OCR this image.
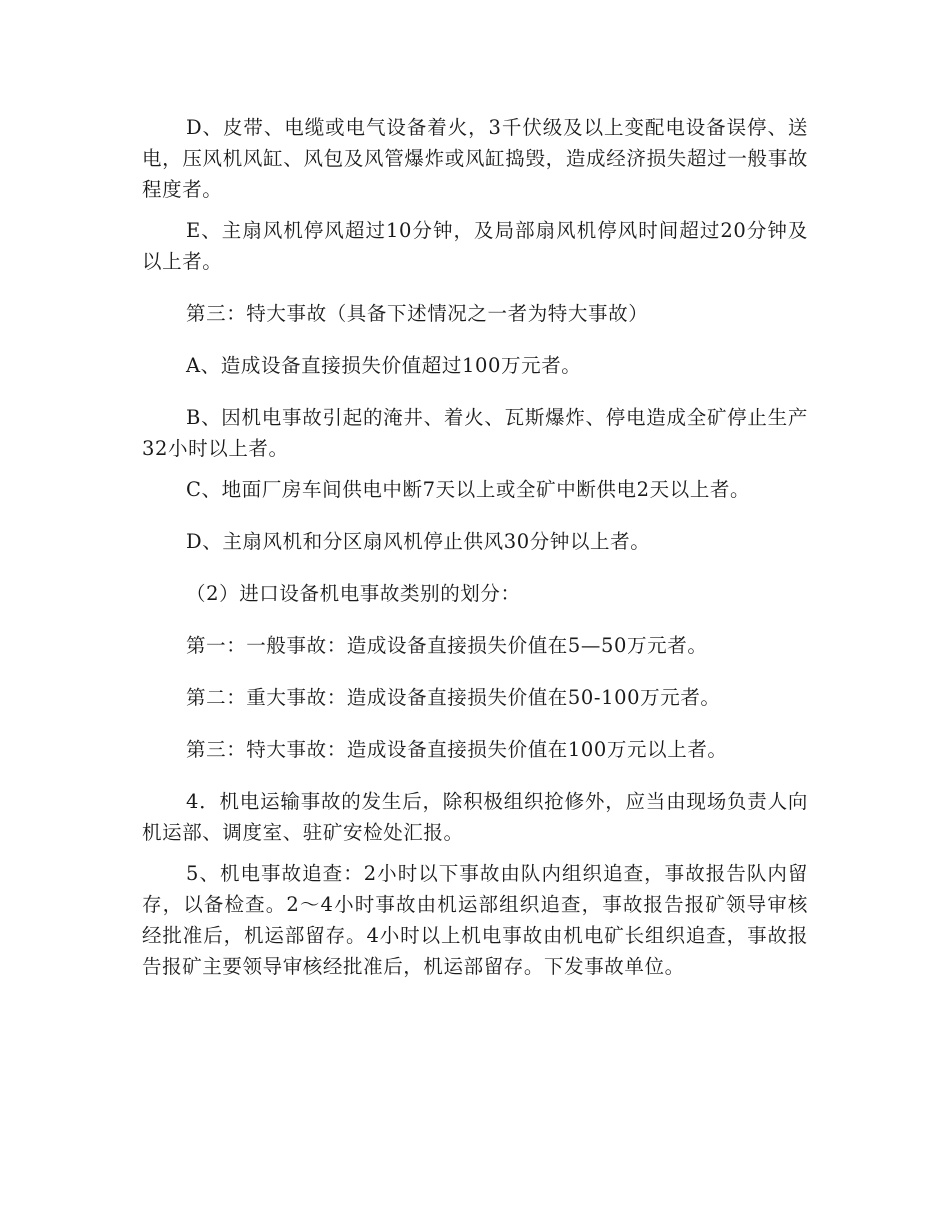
D、皮带、电缆或电气设备着火，3千伏级及以上变配电设备误停、送电，压风机风缸、风包及风管爆炸或风缸捣毁，造成经济损失超过一般事故程度者。

E、主扇风机停风超过10分钟，及局部扇风机停风时间超过20分钟及以上者。

第三：特大事故（具备下述情况之一者为特大事故）

A、造成设备直接损失价值超过100万元者。

B、因机电事故引起的淹井、着火、瓦斯爆炸、停电造成全矿停止生产32小时以上者。

C、地面厂房车间供电中断7天以上或全矿中断供电2天以上者。

D、主扇风机和分区扇风机停止供风30分钟以上者。

（2）进口设备机电事故类别的划分：

第一：一般事故：造成设备直接损失价值在5—50万元者。

第二：重大事故：造成设备直接损失价值在50-100万元者。

第三：特大事故：造成设备直接损失价值在100万元以上者。

4．机电运输事故的发生后，除积极组织抢修外，应当由现场负责人向机运部、调度室、驻矿安检处汇报。

5、机电事故追查：2小时以下事故由队内组织追查，事故报告队内留存，以备检查。2～4小时事故由机运部组织追查，事故报告报矿领导审核经批准后，机运部留存。4小时以上机电事故由机电矿长组织追查，事故报告报矿主要领导审核经批准后，机运部留存。下发事故单位。
